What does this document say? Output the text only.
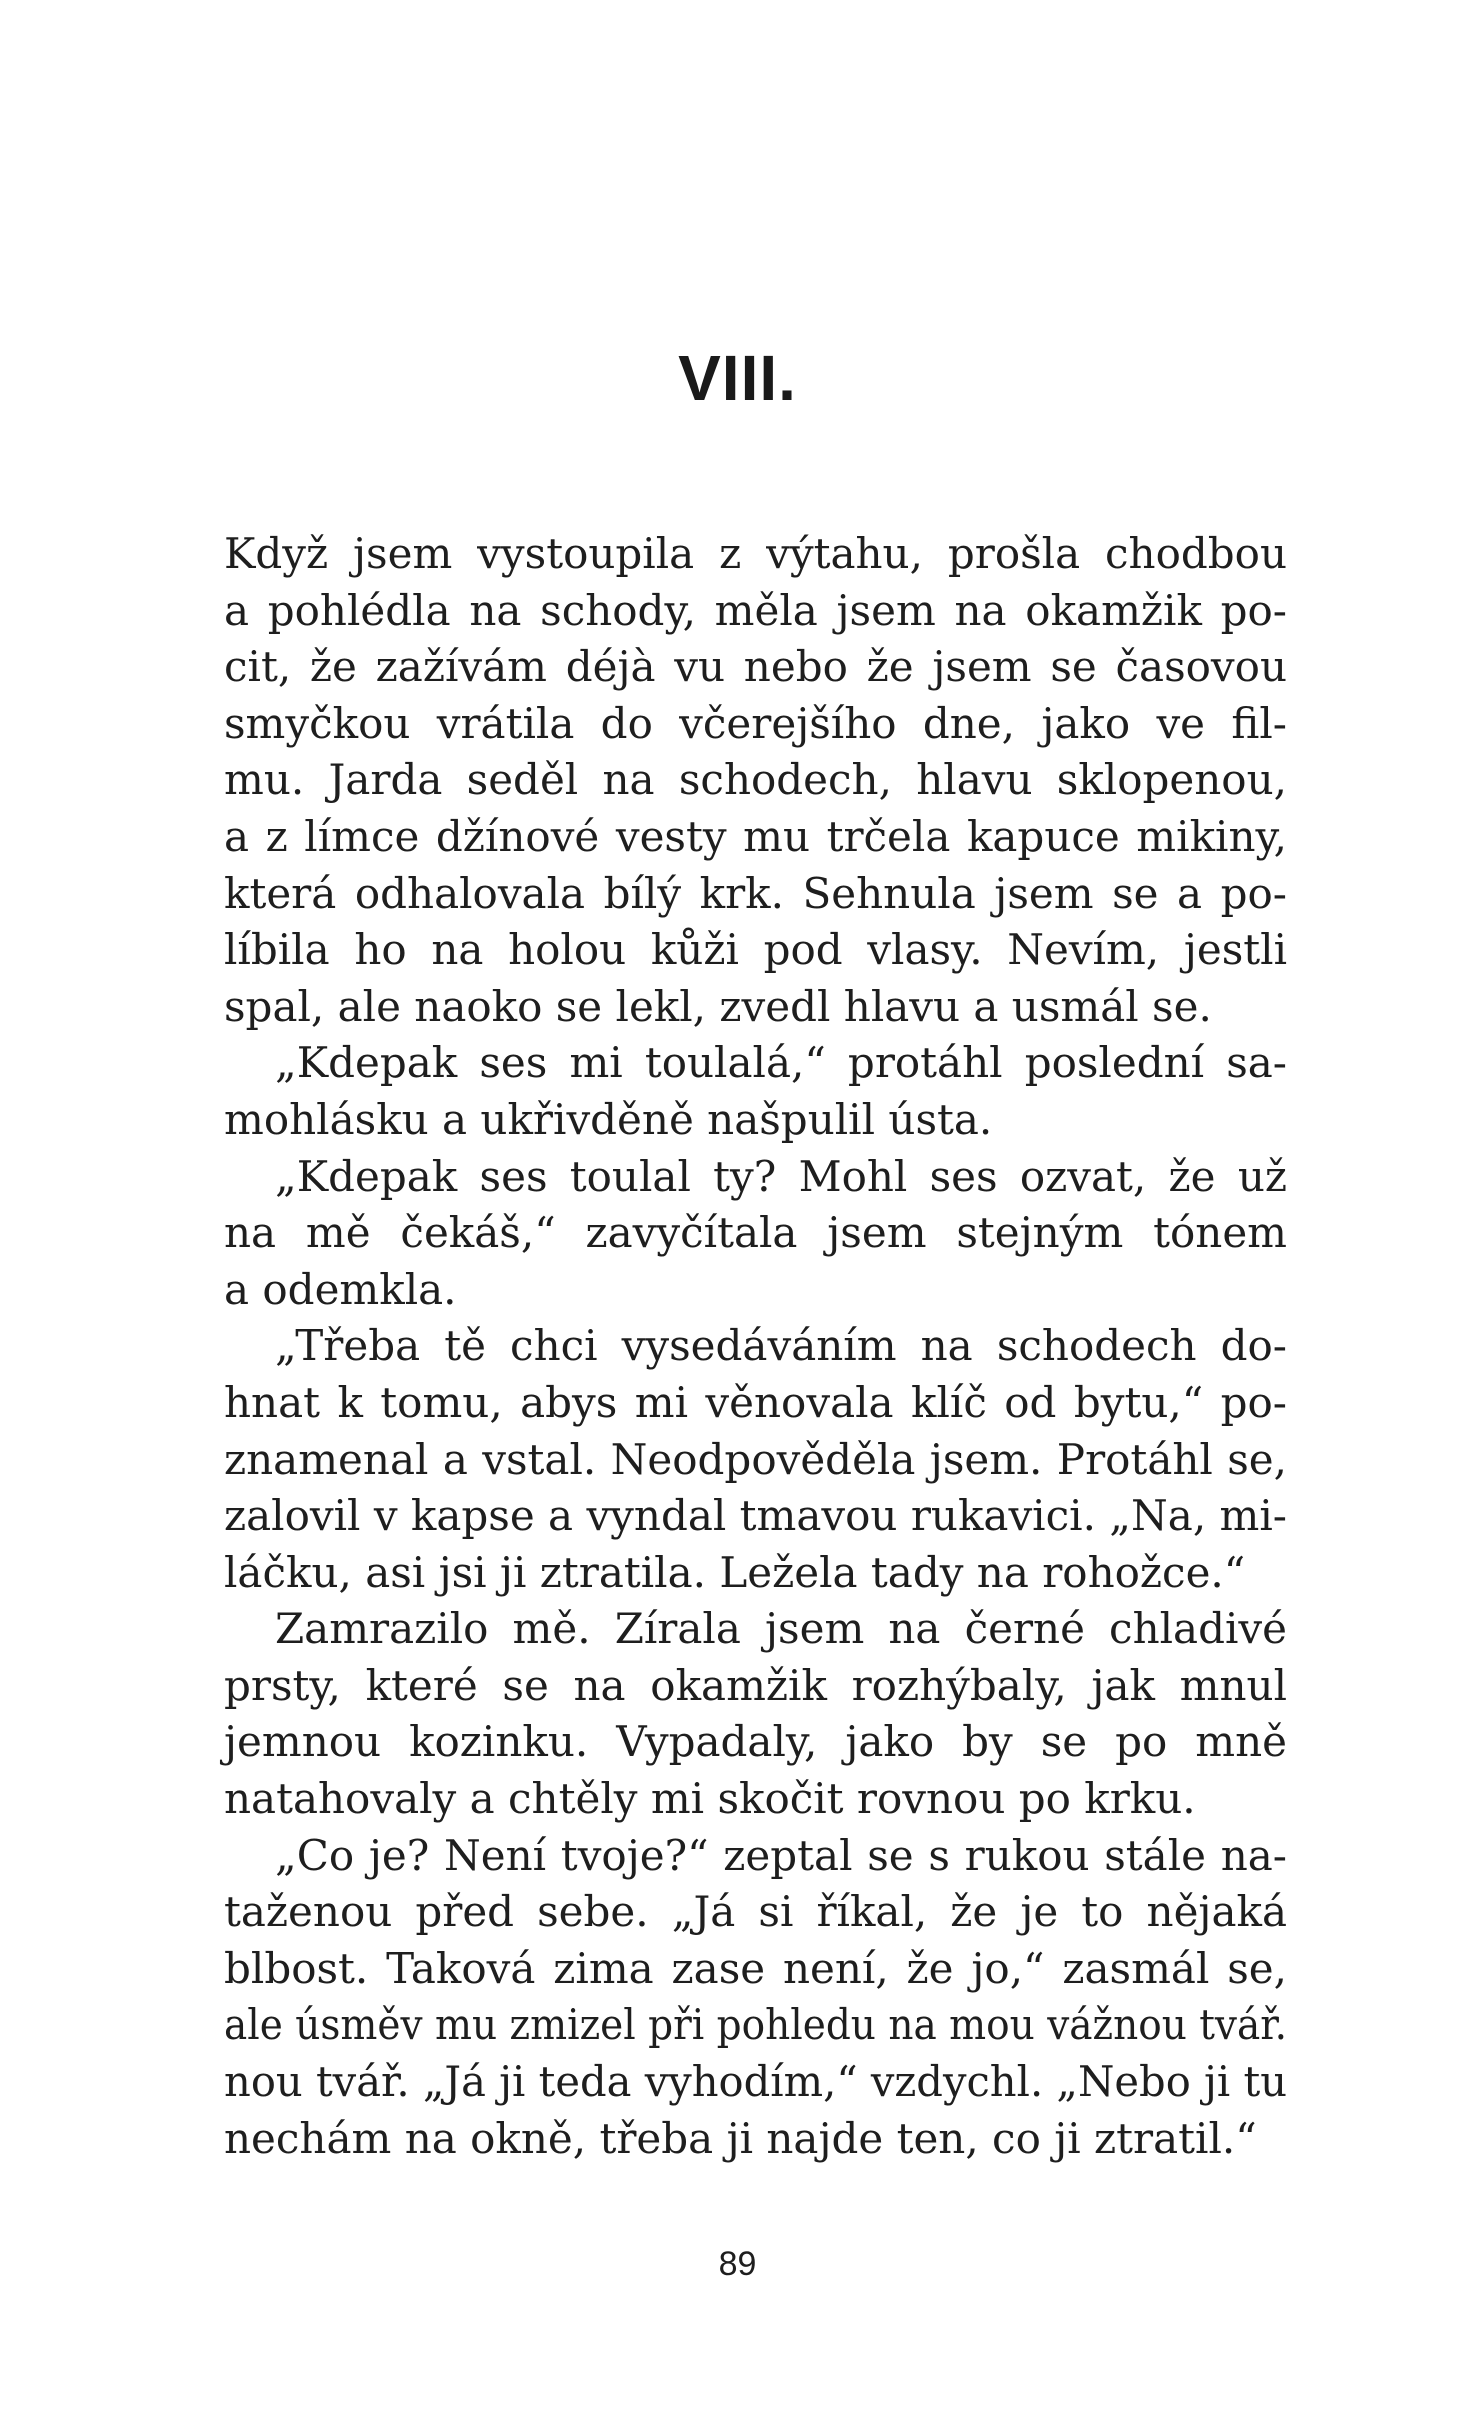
VIII.
Když jsem vystoupila z výtahu, prošla chodbou
a pohlédla na schody, měla jsem na okamžik po-
cit, že zažívám déjà vu nebo že jsem se časovou
smyčkou vrátila do včerejšího dne, jako ve fil-
mu. Jarda seděl na schodech, hlavu sklopenou,
a z límce džínové vesty mu trčela kapuce mikiny,
která odhalovala bílý krk. Sehnula jsem se a po-
líbila ho na holou kůži pod vlasy. Nevím, jestli
spal, ale naoko se lekl, zvedl hlavu a usmál se.
„Kdepak ses mi toulalá,“ protáhl poslední sa-
mohlásku a ukřivděně našpulil ústa.
„Kdepak ses toulal ty? Mohl ses ozvat, že už
na mě čekáš,“ zavyčítala jsem stejným tónem
a odemkla.
„Třeba tě chci vysedáváním na schodech do-
hnat k tomu, abys mi věnovala klíč od bytu,“ po-
znamenal a vstal. Neodpověděla jsem. Protáhl se,
zalovil v kapse a vyndal tmavou rukavici. „Na, mi-
láčku, asi jsi ji ztratila. Ležela tady na rohožce.“
Zamrazilo mě. Zírala jsem na černé chladivé
prsty, které se na okamžik rozhýbaly, jak mnul
jemnou kozinku. Vypadaly, jako by se po mně
natahovaly a chtěly mi skočit rovnou po krku.
„Co je? Není tvoje?“ zeptal se s rukou stále na-
taženou před sebe. „Já si říkal, že je to nějaká
blbost. Taková zima zase není, že jo,“ zasmál se,
ale úsměv mu zmizel při pohledu na mou vážnou tvář.
nou tvář. „Já ji teda vyhodím,“ vzdychl. „Nebo ji tu
nechám na okně, třeba ji najde ten, co ji ztratil.“
89
